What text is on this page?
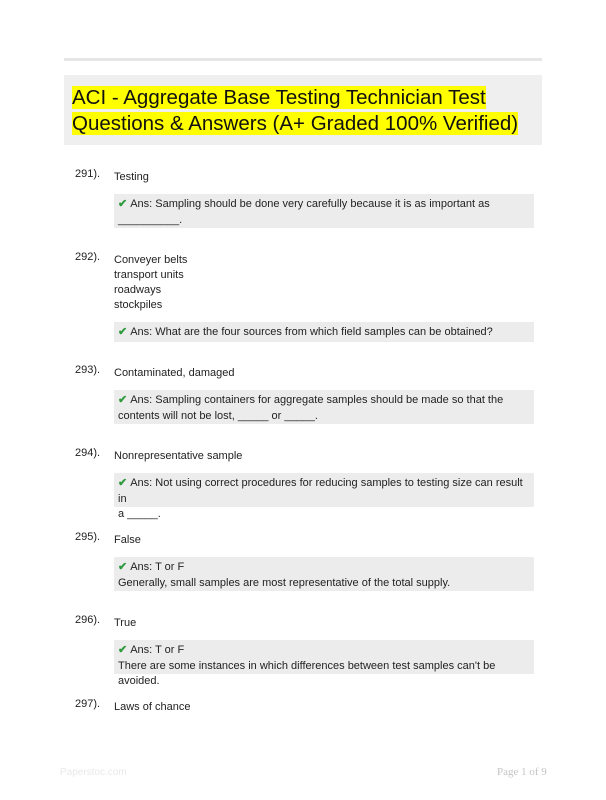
ACI - Aggregate Base Testing Technician Test Questions & Answers (A+ Graded 100% Verified)
291). Testing
✔ Ans: Sampling should be done very carefully because it is as important as
__________.
292). Conveyer belts
transport units
roadways
stockpiles
✔ Ans: What are the four sources from which field samples can be obtained?
293). Contaminated, damaged
✔ Ans: Sampling containers for aggregate samples should be made so that the
contents will not be lost, _____ or _____.
294). Nonrepresentative sample
✔ Ans: Not using correct procedures for reducing samples to testing size can result in
a _____.
295). False
✔ Ans: T or F
Generally, small samples are most representative of the total supply.
296). True
✔ Ans: T or F
There are some instances in which differences between test samples can't be avoided.
297). Laws of chance
Paperstoc.com	Page 1 of 9
